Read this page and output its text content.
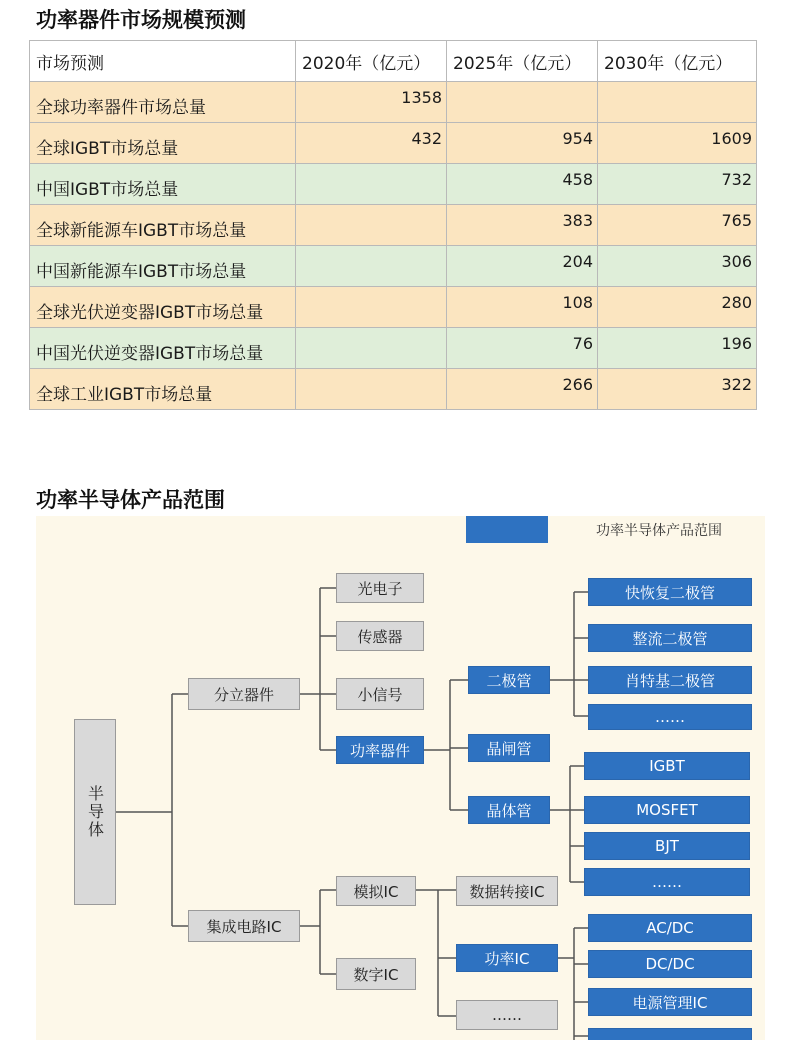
功率器件市场规模预测
市场预测	2020年（亿元）	2025年（亿元）	2030年（亿元）
全球功率器件市场总量	1358		
全球IGBT市场总量	432	954	1609
中国IGBT市场总量		458	732
全球新能源车IGBT市场总量		383	765
中国新能源车IGBT市场总量		204	306
全球光伏逆变器IGBT市场总量		108	280
中国光伏逆变器IGBT市场总量		76	196
全球工业IGBT市场总量		266	322
功率半导体产品范围
功率半导体产品范围
半导体
分立器件
集成电路IC
光电子
传感器
小信号
功率器件
二极管
晶闸管
晶体管
快恢复二极管
整流二极管
肖特基二极管
……
IGBT
MOSFET
BJT
……
模拟IC
数字IC
数据转接IC
功率IC
……
AC/DC
DC/DC
电源管理IC
